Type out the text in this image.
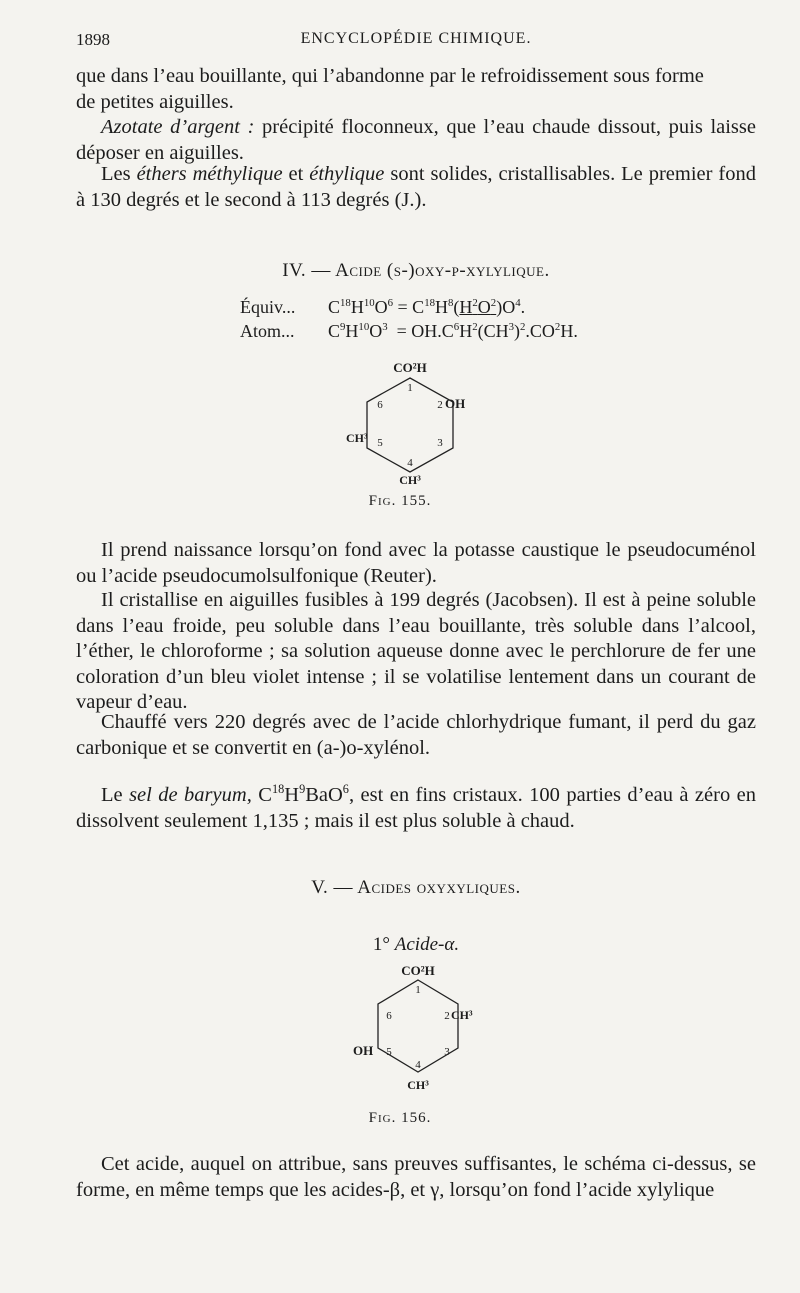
1898	ENCYCLOPÉDIE CHIMIQUE.
que dans l’eau bouillante, qui l’abandonne par le refroidissement sous forme
de petites aiguilles.
Azotate d’argent : précipité floconneux, que l’eau chaude dissout, puis laisse déposer en aiguilles.
Les éthers méthylique et éthylique sont solides, cristallisables. Le premier fond à 130 degrés et le second à 113 degrés (J.).
IV. — Acide (s-)oxy-p-xylylique.
Équiv... $C^{18}H^{10}O^6 = C^{18}H^8(H^2O^2)O^4$.
Atom... $C^9H^{10}O^3 = OH.C^6H^2(CH^3)^2.CO^2H$.
CO²H
OH
CH³
CH³
1
2
3
4
5
6
Fig. 155.
Il prend naissance lorsqu’on fond avec la potasse caustique le pseudocuménol ou l’acide pseudocumolsulfonique (Reuter).
Il cristallise en aiguilles fusibles à 199 degrés (Jacobsen). Il est à peine soluble dans l’eau froide, peu soluble dans l’eau bouillante, très soluble dans l’alcool, l’éther, le chloroforme ; sa solution aqueuse donne avec le perchlorure de fer une coloration d’un bleu violet intense ; il se volatilise lentement dans un courant de vapeur d’eau.
Chauffé vers 220 degrés avec de l’acide chlorhydrique fumant, il perd du gaz carbonique et se convertit en (a-)o-xylénol.
Le sel de baryum, $C^{18}H^9BaO^6$, est en fins cristaux. 100 parties d’eau à zéro en dissolvent seulement 1,135 ; mais il est plus soluble à chaud.
V. — Acides oxyxyliques.
1° Acide-α.
CO²H
CH³
OH
CH³
1
2
3
4
5
6
Fig. 156.
Cet acide, auquel on attribue, sans preuves suffisantes, le schéma ci-dessus, se forme, en même temps que les acides-β, et γ, lorsqu’on fond l’acide xylylique
